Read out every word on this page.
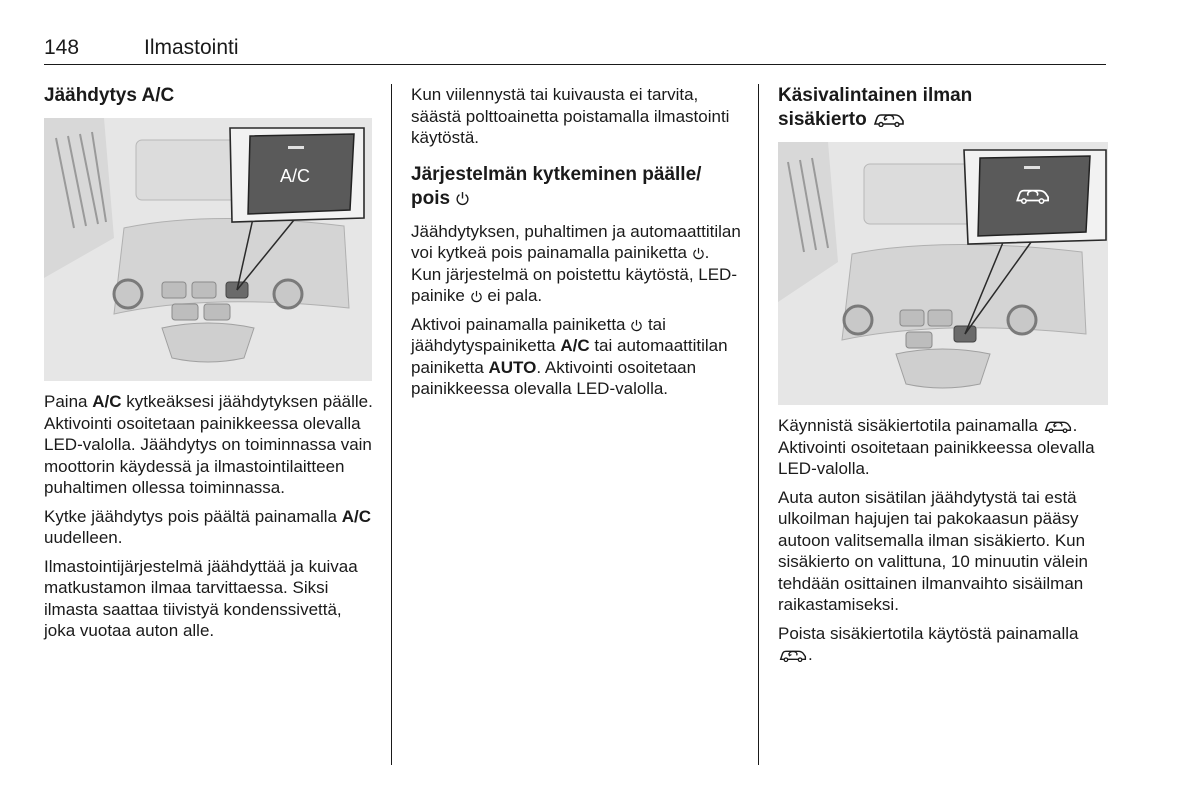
148	Ilmastointi
Jäähdytys A/C
A/C

Paina A/C kytkeäksesi jäähdytyksen päälle. Aktivointi osoitetaan painikkeessa olevalla LED-valolla. Jäähdytys on toiminnassa vain moottorin käydessä ja ilmastointilaitteen puhaltimen ollessa toiminnassa.

Kytke jäähdytys pois päältä painamalla A/C uudelleen.

Ilmastointijärjestelmä jäähdyttää ja kuivaa matkustamon ilmaa tarvittaessa. Siksi ilmasta saattaa tiivistyä kondenssivettä, joka vuotaa auton alle.

Kun viilennystä tai kuivausta ei tarvita, säästä polttoainetta poistamalla ilmastointi käytöstä.

Järjestelmän kytkeminen päälle/ pois

Jäähdytyksen, puhaltimen ja automaattitilan voi kytkeä pois painamalla painiketta . Kun järjestelmä on poistettu käytöstä, LED-painike  ei pala.

Aktivoi painamalla painiketta  tai jäähdytyspainiketta A/C tai automaattitilan painiketta AUTO. Aktivointi osoitetaan painikkeessa olevalla LED-valolla.

Käsivalintainen ilman sisäkierto

Käynnistä sisäkiertotila painamalla . Aktivointi osoitetaan painikkeessa olevalla LED-valolla.

Auta auton sisätilan jäähdytystä tai estä ulkoilman hajujen tai pakokaasun pääsy autoon valitsemalla ilman sisäkierto. Kun sisäkierto on valittuna, 10 minuutin välein tehdään osittainen ilmanvaihto sisäilman raikastamiseksi.

Poista sisäkiertotila käytöstä painamalla .
